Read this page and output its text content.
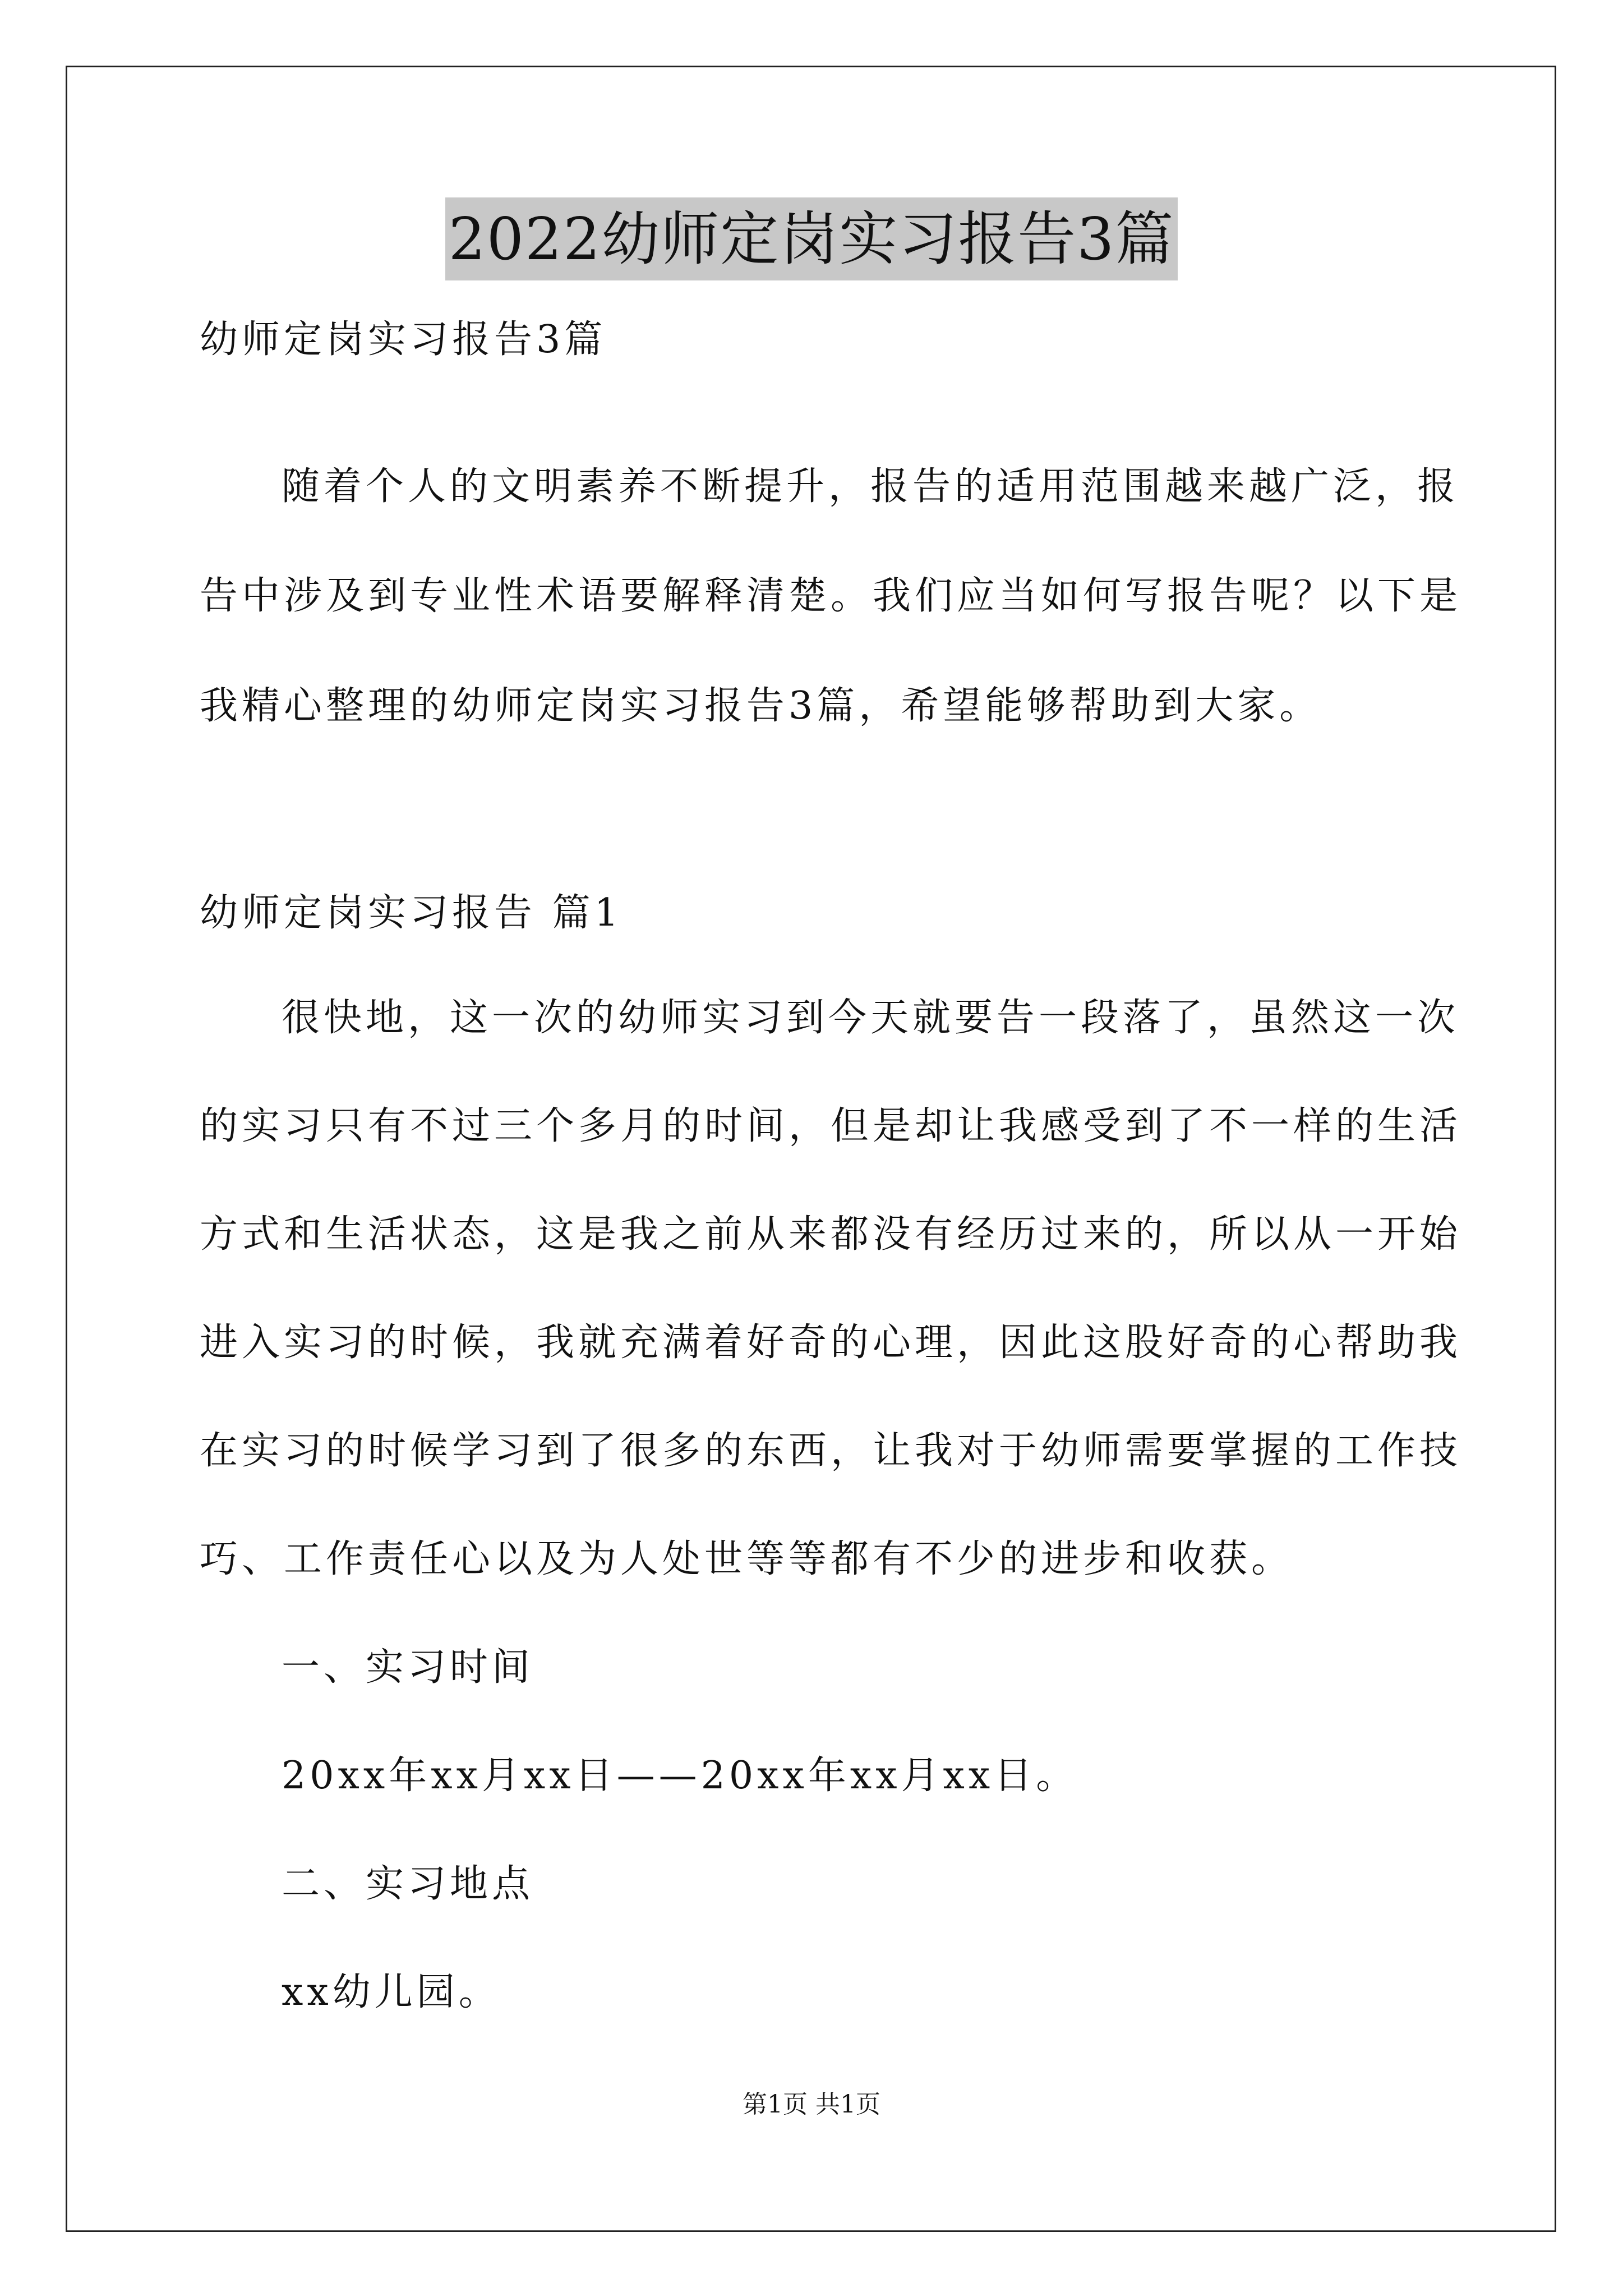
2022幼师定岗实习报告3篇
幼师定岗实习报告3篇
随着个人的文明素养不断提升，报告的适用范围越来越广泛，报
告中涉及到专业性术语要解释清楚。我们应当如何写报告呢？以下是
我精心整理的幼师定岗实习报告3篇，希望能够帮助到大家。
幼师定岗实习报告 篇1
很快地，这一次的幼师实习到今天就要告一段落了，虽然这一次
的实习只有不过三个多月的时间，但是却让我感受到了不一样的生活
方式和生活状态，这是我之前从来都没有经历过来的，所以从一开始
进入实习的时候，我就充满着好奇的心理，因此这股好奇的心帮助我
在实习的时候学习到了很多的东西，让我对于幼师需要掌握的工作技
巧、工作责任心以及为人处世等等都有不少的进步和收获。
一、实习时间
20xx年xx月xx日——20xx年xx月xx日。
二、实习地点
xx幼儿园。
第1页 共1页
